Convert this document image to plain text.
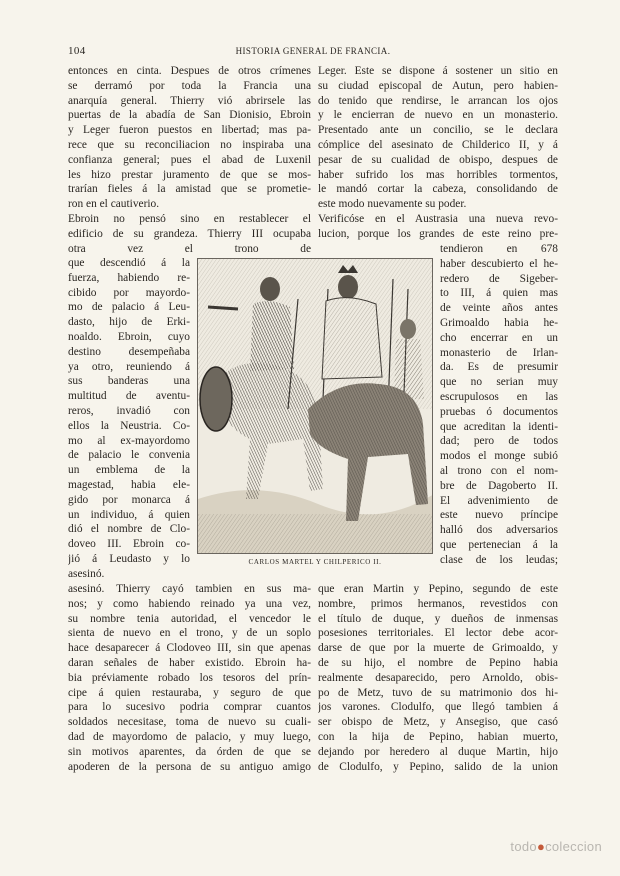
104	HISTORIA GENERAL DE FRANCIA.
entonces en cinta. Despues de otros crímenes
se derramó por toda la Francia una
anarquía general. Thierry vió abrirsele las
puertas de la abadía de San Dionisio, Ebroin
y Leger fueron puestos en libertad; mas pa-
rece que su reconciliacion no inspiraba una
confianza general; pues el abad de Luxenil
les hizo prestar juramento de que se mos-
trarían fieles á la amistad que se prometie-
ron en el cautiverio.
Ebroin no pensó sino en restablecer el
edificio de su grandeza. Thierry III ocupaba
otra vez el trono de
que descendió á la
fuerza, habiendo re-
cibido por mayordo-
mo de palacio á Leu-
dasto, hijo de Erki-
noaldo. Ebroin, cuyo
destino desempeñaba
ya otro, reuniendo á
sus banderas una
multitud de aventu-
reros, invadió con
ellos la Neustria. Co-
mo al ex-mayordomo
de palacio le convenia
un emblema de la
magestad, habia ele-
gido por monarca á
un individuo, á quien
dió el nombre de Clo-
doveo III. Ebroin co-
jió á Leudasto y lo
asesinó.
asesinó. Thierry cayó tambien en sus ma-
nos; y como habiendo reinado ya una vez,
su nombre tenia autoridad, el vencedor le
sienta de nuevo en el trono, y de un soplo
hace desaparecer á Clodoveo III, sin que apenas
daran señales de haber existido. Ebroin ha-
bia préviamente robado los tesoros del prín-
cipe á quien restauraba, y seguro de que
para lo sucesivo podria comprar cuantos
soldados necesitase, toma de nuevo su cuali-
dad de mayordomo de palacio, y muy luego,
sin motivos aparentes, da órden de que se
apoderen de la persona de su antiguo amigo
Leger. Este se dispone á sostener un sitio en
su ciudad episcopal de Autun, pero habien-
do tenido que rendirse, le arrancan los ojos
y le encierran de nuevo en un monasterio.
Presentado ante un concilio, se le declara
cómplice del asesinato de Childerico II, y á
pesar de su cualidad de obispo, despues de
haber sufrido los mas horribles tormentos,
le mandó cortar la cabeza, consolidando de
este modo nuevamente su poder.
Verificóse en el Austrasia una nueva revo-
lucion, porque los grandes de este reino pre-
tendieron en 678
haber descubierto el he-
redero de Sigeber-
to III, á quien mas
de veinte años antes
Grimoaldo habia he-
cho encerrar en un
monasterio de Irlan-
da. Es de presumir
que no serian muy
escrupulosos en las
pruebas ó documentos
que acreditan la identi-
dad; pero de todos
modos el monge subió
al trono con el nom-
bre de Dagoberto II.
El advenimiento de
este nuevo príncipe
halló dos adversarios
que pertenecian á la
clase de los leudas;
que eran Martin y Pepino, segundo de este
nombre, primos hermanos, revestidos con
el título de duque, y dueños de inmensas
posesiones territoriales. El lector debe acor-
darse de que por la muerte de Grimoaldo, y
de su hijo, el nombre de Pepino habia
realmente desaparecido, pero Arnoldo, obis-
po de Metz, tuvo de su matrimonio dos hi-
jos varones. Clodulfo, que llegó tambien á
ser obispo de Metz, y Ansegiso, que casó
con la hija de Pepino, habian muerto,
dejando por heredero al duque Martin, hijo
de Clodulfo, y Pepino, salido de la union
CARLOS MARTEL Y CHILPERICO II.
todo●coleccion
